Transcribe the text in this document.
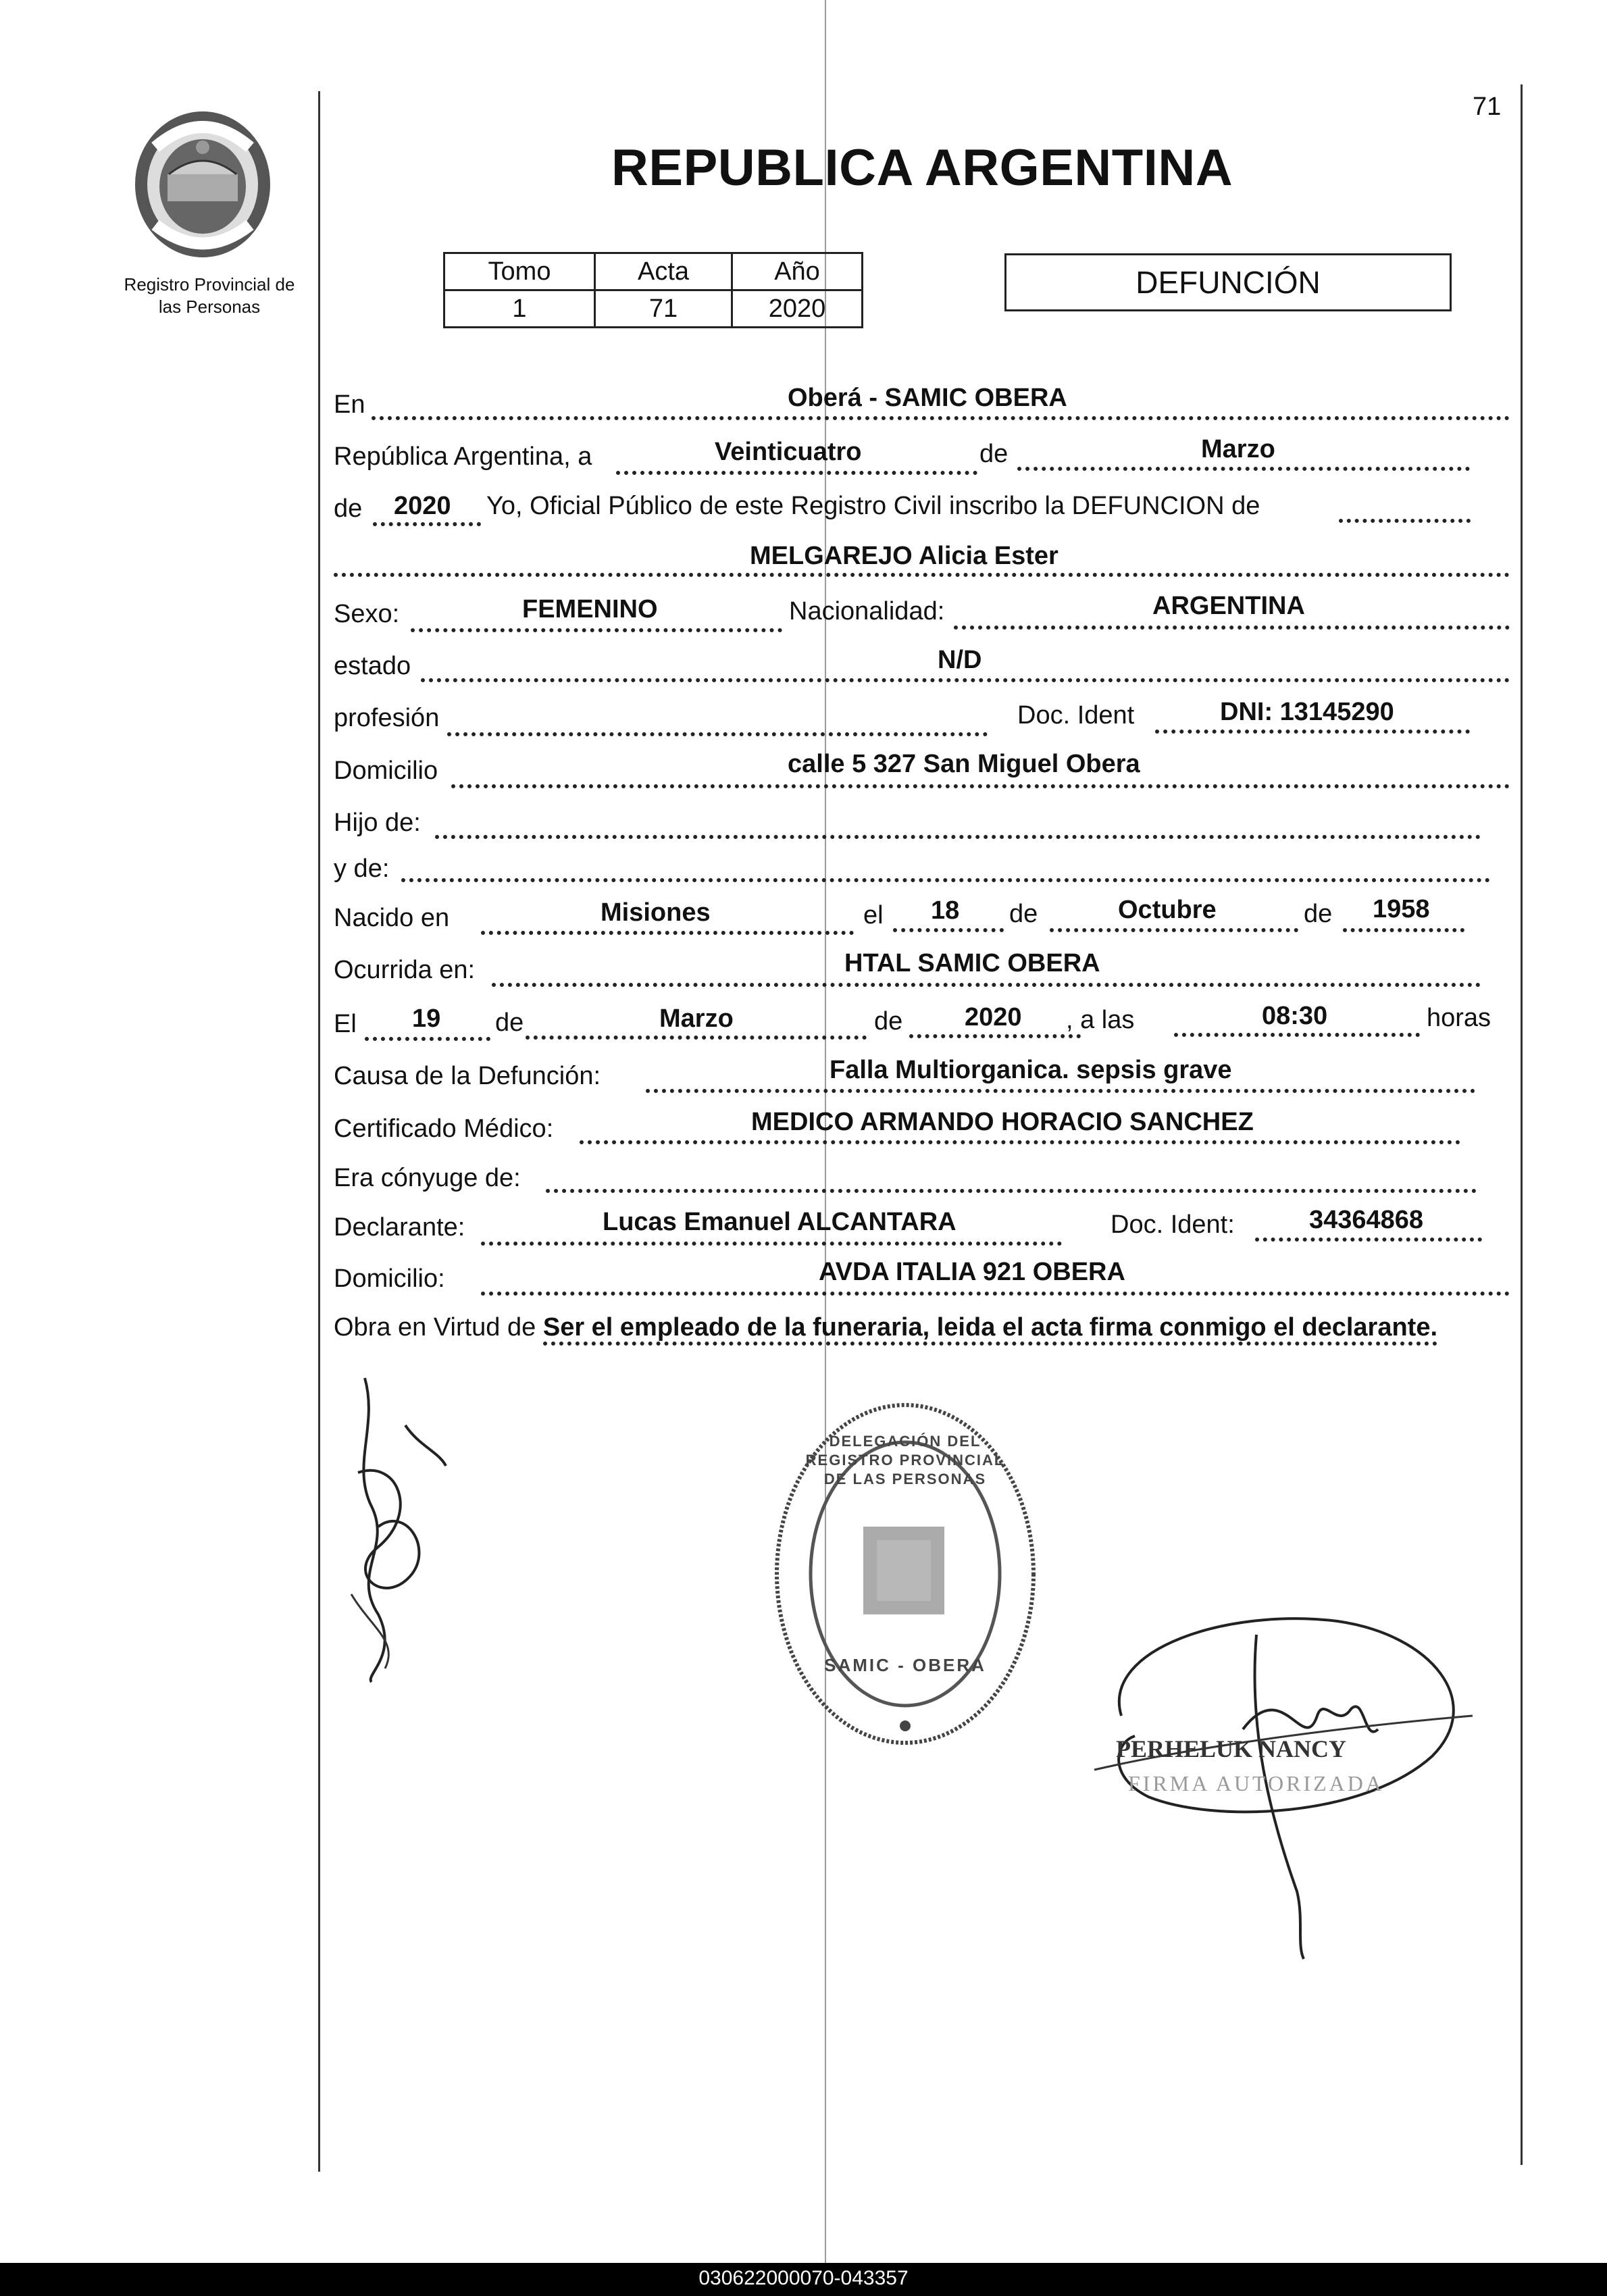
71
Registro Provincial de
las Personas
REPUBLICA ARGENTINA
Tomo	Acta	Año
1	71	2020
DEFUNCIÓN
En	Oberá - SAMIC OBERA
República Argentina, a	Veinticuatro	de	Marzo
de 2020 Yo, Oficial Público de este Registro Civil inscribo la DEFUNCION de
MELGAREJO Alicia Ester
Sexo:	FEMENINO	Nacionalidad:	ARGENTINA
estado	N/D
profesión	Doc. Ident	DNI: 13145290
Domicilio	calle 5 327 San Miguel Obera
Hijo de:
y de:
Nacido en	Misiones	el 18 de	Octubre	de 1958
Ocurrida en:	HTAL SAMIC OBERA
El 19 de	Marzo	de 2020 , a las	08:30	horas
Causa de la Defunción:	Falla Multiorganica. sepsis grave
Certificado Médico:	MEDICO ARMANDO HORACIO SANCHEZ
Era cónyuge de:
Declarante:	Lucas Emanuel ALCANTARA	Doc. Ident:	34364868
Domicilio:	AVDA ITALIA 921 OBERA
Obra en Virtud de Ser el empleado de la funeraria, leida el acta firma conmigo el declarante.
DELEGACIÓN DEL REGISTRO PROVINCIAL DE LAS PERSONAS
SAMIC - OBERA
PERHELUK NANCY
FIRMA AUTORIZADA
030622000070-043357
